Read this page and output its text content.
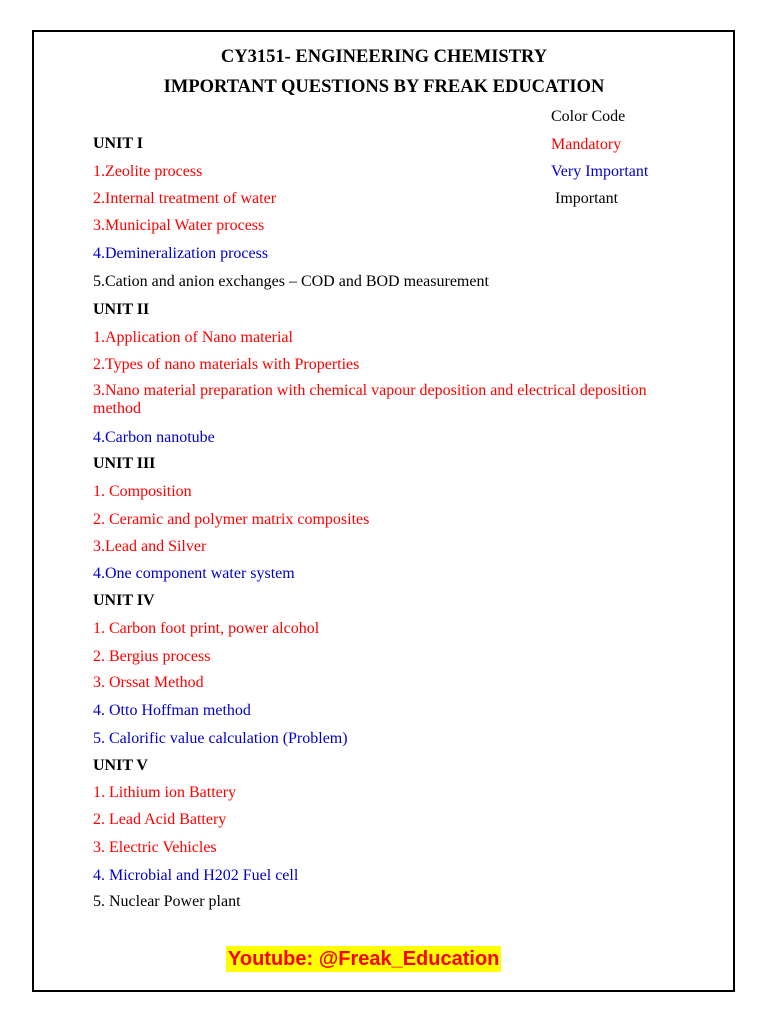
CY3151- ENGINEERING CHEMISTRY
IMPORTANT QUESTIONS BY FREAK EDUCATION
Color Code
Mandatory
Very Important
Important
UNIT I
1.Zeolite process
2.Internal treatment of water
3.Municipal Water process
4.Demineralization process
5.Cation and anion exchanges – COD and BOD measurement
UNIT II
1.Application of Nano material
2.Types of nano materials with Properties
3.Nano material preparation with chemical vapour deposition and electrical deposition method
4.Carbon nanotube
UNIT III
1. Composition
2. Ceramic and polymer matrix composites
3.Lead and Silver
4.One component water system
UNIT IV
1. Carbon foot print, power alcohol
2. Bergius process
3. Orssat Method
4. Otto Hoffman method
5. Calorific value calculation (Problem)
UNIT V
1. Lithium ion Battery
2. Lead Acid Battery
3. Electric Vehicles
4. Microbial and H202 Fuel cell
5. Nuclear Power plant
Youtube: @Freak_Education
